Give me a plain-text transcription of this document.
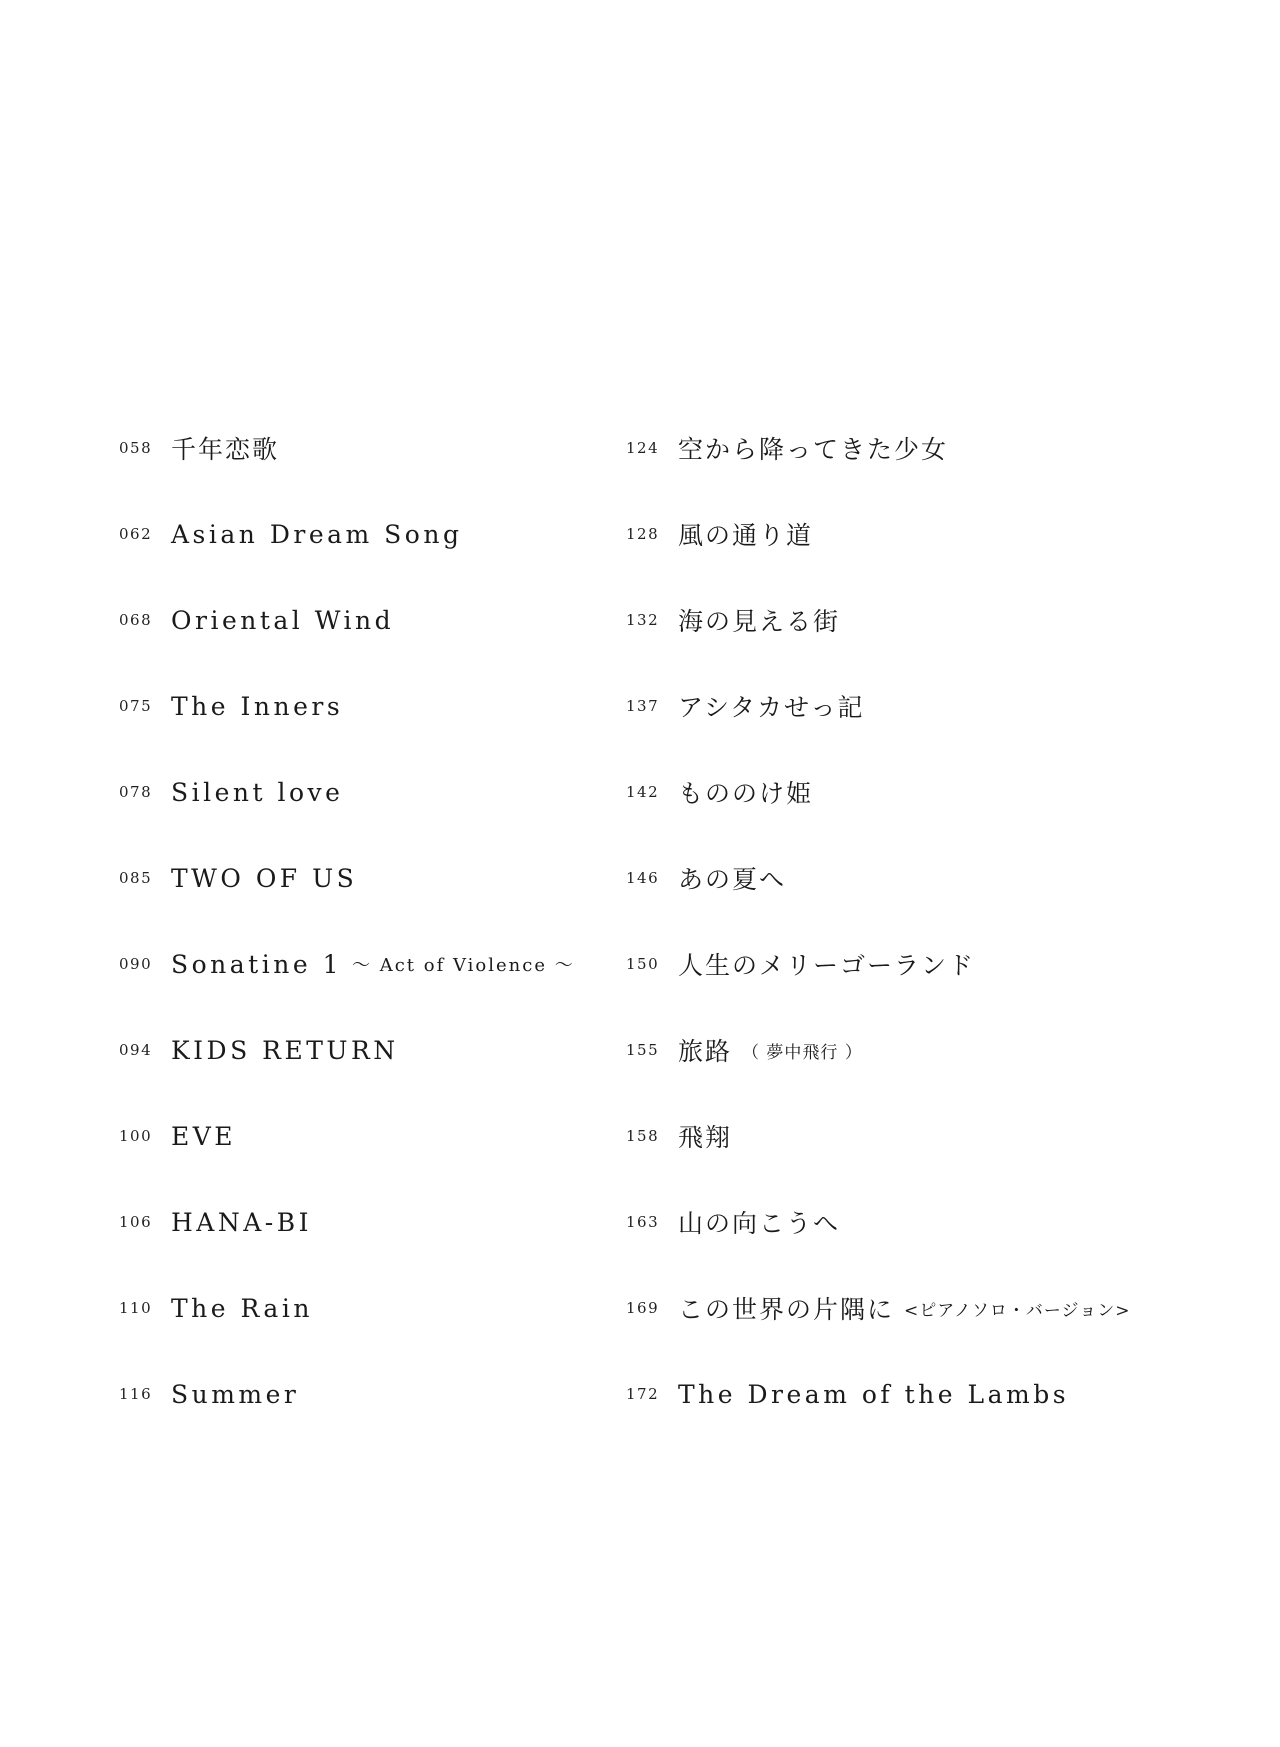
058 千年恋歌
062 Asian Dream Song
068 Oriental Wind
075 The Inners
078 Silent love
085 TWO OF US
090 Sonatine 1 ～ Act of Violence ～
094 KIDS RETURN
100 EVE
106 HANA-BI
110 The Rain
116 Summer
124 空から降ってきた少女
128 風の通り道
132 海の見える街
137 アシタカせっ記
142 もののけ姫
146 あの夏へ
150 人生のメリーゴーランド
155 旅路 （ 夢中飛行 ）
158 飛翔
163 山の向こうへ
169 この世界の片隅に <ピアノソロ・バージョン>
172 The Dream of the Lambs
